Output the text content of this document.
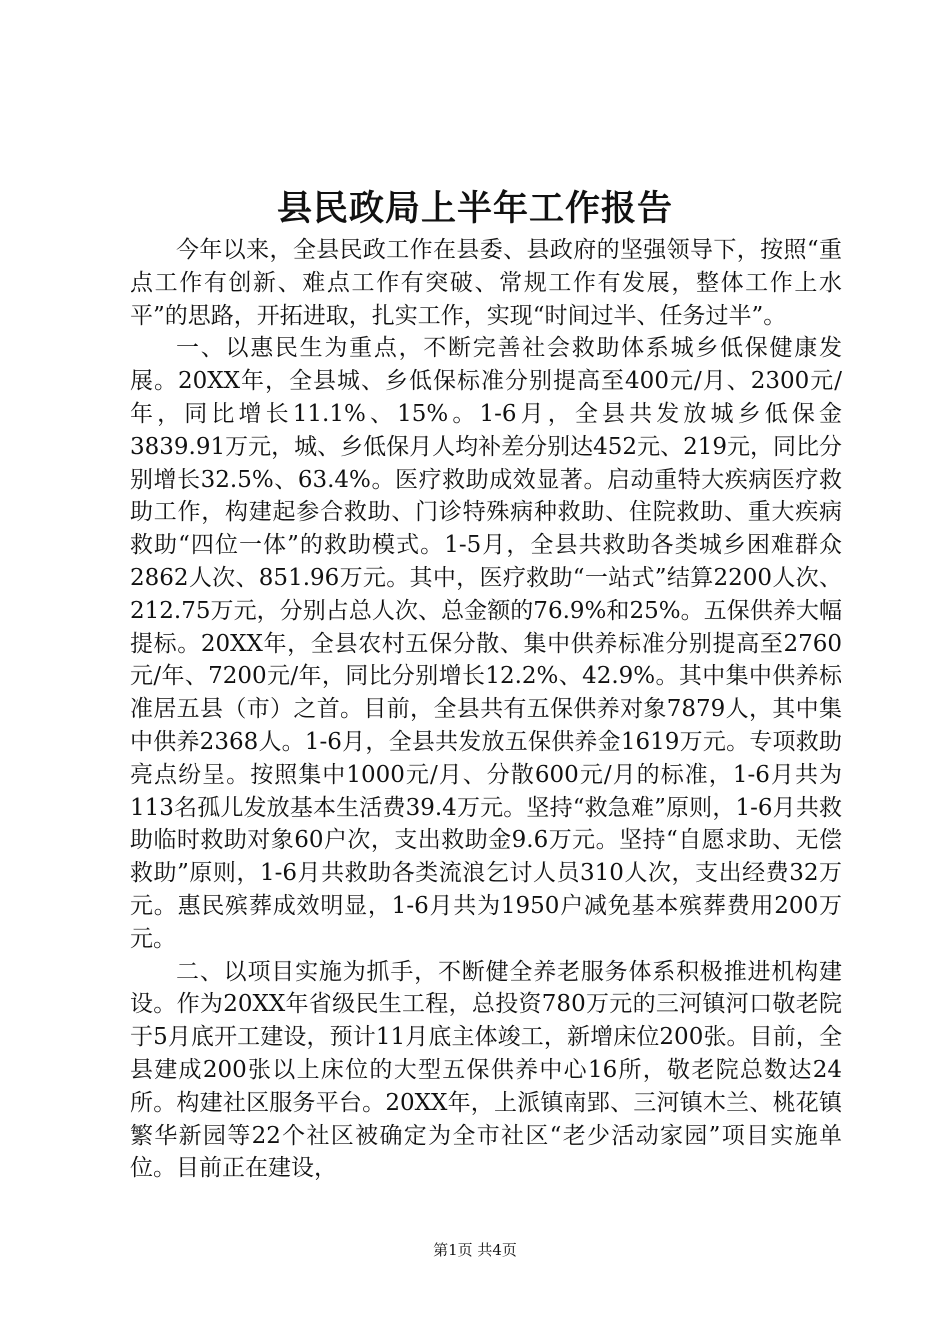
县民政局上半年工作报告

今年以来，全县民政工作在县委、县政府的坚强领导下，按照“重点工作有创新、难点工作有突破、常规工作有发展，整体工作上水平”的思路，开拓进取，扎实工作，实现“时间过半、任务过半”。

一、以惠民生为重点，不断完善社会救助体系城乡低保健康发展。20XX年，全县城、乡低保标准分别提高至400元/月、2300元/年，同比增长11.1%、15%。1-6月，全县共发放城乡低保金3839.91万元，城、乡低保月人均补差分别达452元、219元，同比分别增长32.5%、63.4%。医疗救助成效显著。启动重特大疾病医疗救助工作，构建起参合救助、门诊特殊病种救助、住院救助、重大疾病救助“四位一体”的救助模式。1-5月，全县共救助各类城乡困难群众2862人次、851.96万元。其中，医疗救助“一站式”结算2200人次、212.75万元，分别占总人次、总金额的76.9%和25%。五保供养大幅提标。20XX年，全县农村五保分散、集中供养标准分别提高至2760元/年、7200元/年，同比分别增长12.2%、42.9%。其中集中供养标准居五县（市）之首。目前，全县共有五保供养对象7879人，其中集中供养2368人。1-6月，全县共发放五保供养金1619万元。专项救助亮点纷呈。按照集中1000元/月、分散600元/月的标准，1-6月共为113名孤儿发放基本生活费39.4万元。坚持“救急难”原则，1-6月共救助临时救助对象60户次，支出救助金9.6万元。坚持“自愿求助、无偿救助”原则，1-6月共救助各类流浪乞讨人员310人次，支出经费32万元。惠民殡葬成效明显，1-6月共为1950户减免基本殡葬费用200万元。

二、以项目实施为抓手，不断健全养老服务体系积极推进机构建设。作为20XX年省级民生工程，总投资780万元的三河镇河口敬老院于5月底开工建设，预计11月底主体竣工，新增床位200张。目前，全县建成200张以上床位的大型五保供养中心16所，敬老院总数达24所。构建社区服务平台。20XX年，上派镇南郢、三河镇木兰、桃花镇繁华新园等22个社区被确定为全市社区“老少活动家园”项目实施单位。目前正在建设，

第1页 共4页
